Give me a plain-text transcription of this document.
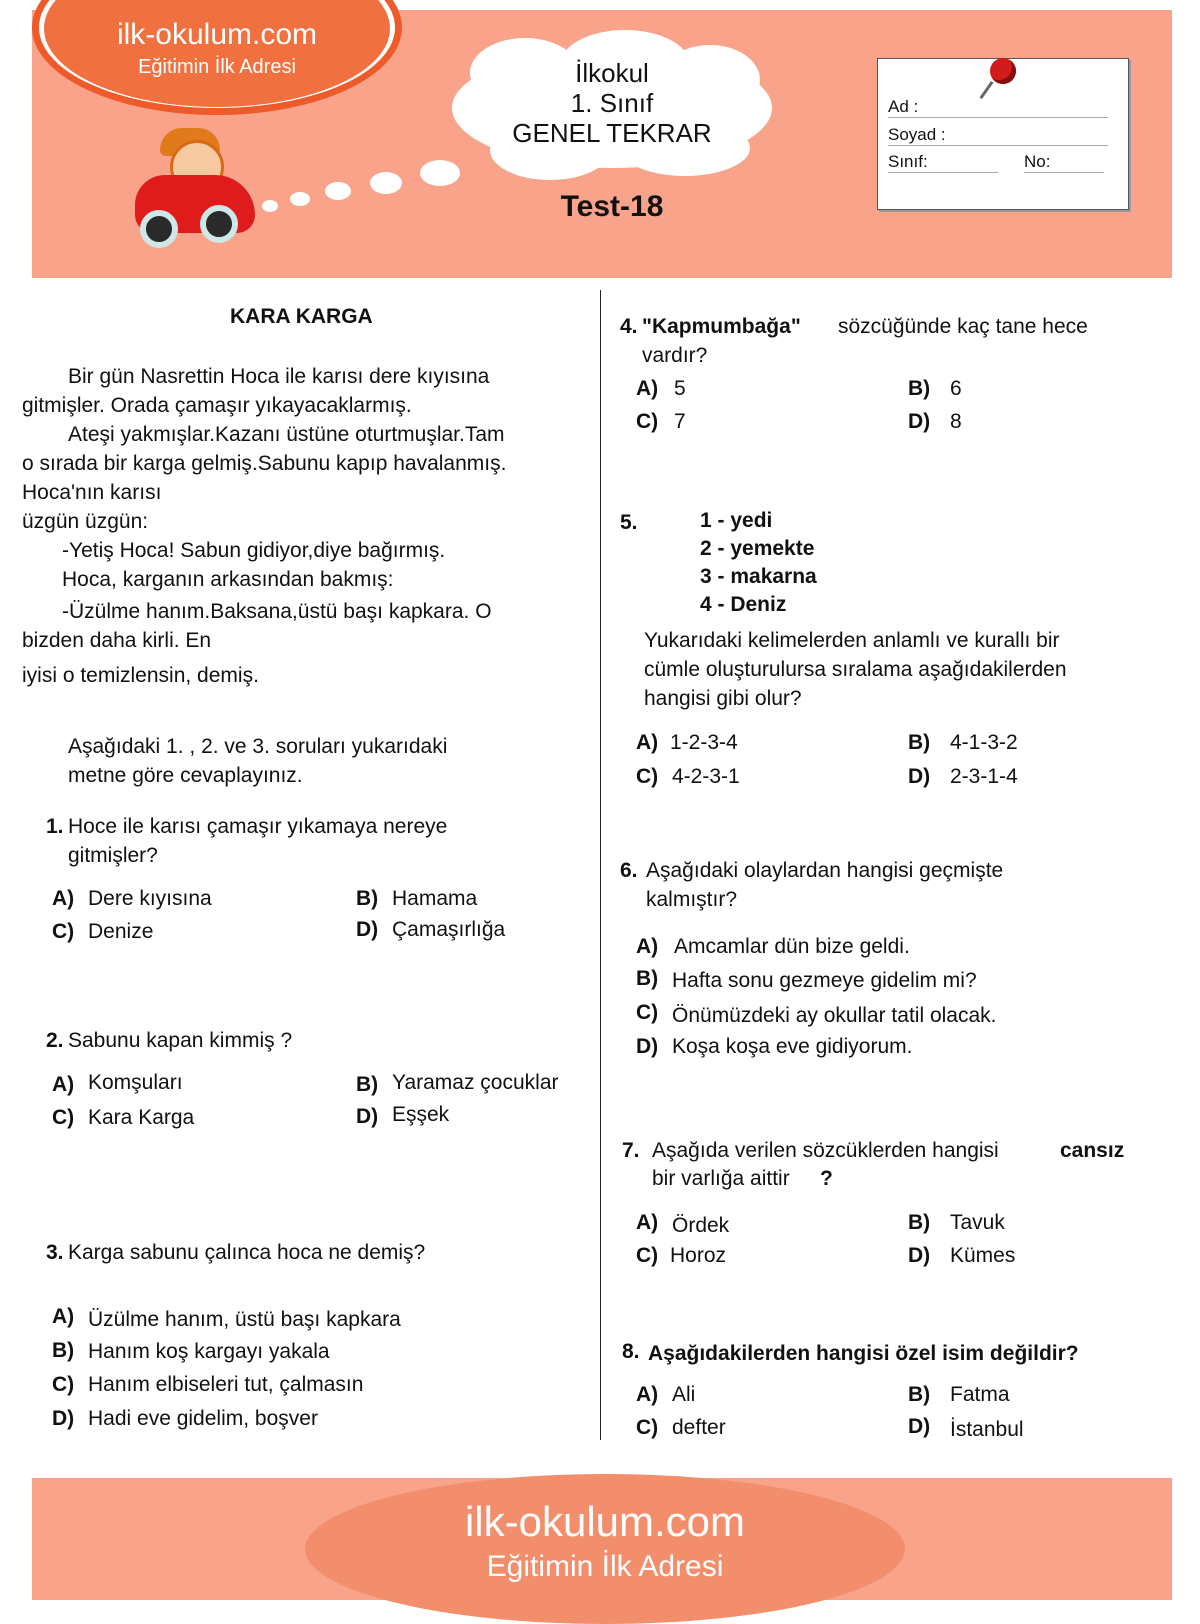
ilk-okulum.com
Eğitimin İlk Adresi	İlkokul
1. Sınıf
GENEL TEKRAR
Test-18
Ad :
Soyad :
Sınıf:	No:
KARA KARGA
Bir gün Nasrettin Hoca ile karısı dere kıyısına
gitmişler. Orada çamaşır yıkayacaklarmış.
Ateşi yakmışlar.Kazanı üstüne oturtmuşlar.Tam
o sırada bir karga gelmiş.Sabunu kapıp havalanmış.
Hoca'nın karısı
üzgün üzgün:
-Yetiş Hoca! Sabun gidiyor,diye bağırmış.
Hoca, karganın arkasından bakmış:
-Üzülme hanım.Baksana,üstü başı kapkara. O
bizden daha kirli. En
iyisi o temizlensin, demiş.
Aşağıdaki 1. , 2. ve 3. soruları yukarıdaki
metne göre cevaplayınız.
1. Hoce ile karısı çamaşır yıkamaya nereye
gitmişler?
A) Dere kıyısına	B) Hamama
C) Denize	D) Çamaşırlığa
2. Sabunu kapan kimmiş ?
A) Komşuları	B) Yaramaz çocuklar
C) Kara Karga	D) Eşşek
3. Karga sabunu çalınca hoca ne demiş?
A) Üzülme hanım, üstü başı kapkara
B) Hanım koş kargayı yakala
C) Hanım elbiseleri tut, çalmasın
D) Hadi eve gidelim, boşver
4. "Kapmumbağa" sözcüğünde kaç tane hece
vardır?
A) 5	B) 6
C) 7	D) 8
5.	1 - yedi
2 - yemekte
3 - makarna
4 - Deniz
Yukarıdaki kelimelerden anlamlı ve kurallı bir
cümle oluşturulursa sıralama aşağıdakilerden
hangisi gibi olur?
A) 1-2-3-4	B) 4-1-3-2
C) 4-2-3-1	D) 2-3-1-4
6. Aşağıdaki olaylardan hangisi geçmişte
kalmıştır?
A) Amcamlar dün bize geldi.
B) Hafta sonu gezmeye gidelim mi?
C) Önümüzdeki ay okullar tatil olacak.
D) Koşa koşa eve gidiyorum.
7. Aşağıda verilen sözcüklerden hangisi	cansız
bir varlığa aittir ?
A) Ördek	B) Tavuk
C) Horoz	D) Kümes
8. Aşağıdakilerden hangisi özel isim değildir?
A) Ali	B) Fatma
C) defter	D) İstanbul
ilk-okulum.com
Eğitimin İlk Adresi
